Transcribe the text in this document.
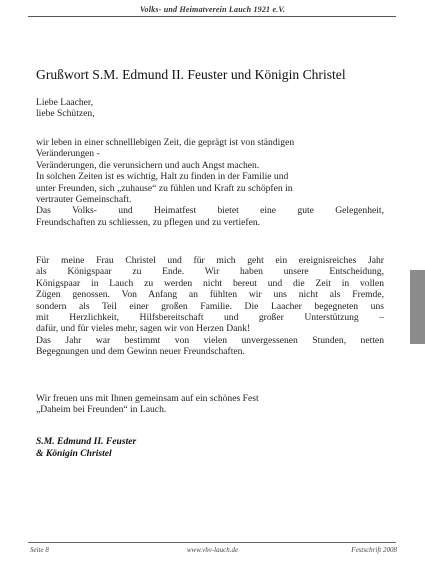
Volks- und Heimatverein Lauch 1921 e.V.
Grußwort S.M. Edmund II. Feuster und Königin Christel
Liebe Laacher,
liebe Schützen,
wir leben in einer schnelllebigen Zeit, die geprägt ist von ständigen
Veränderungen -
Veränderungen, die verunsichern und auch Angst machen.
In solchen Zeiten ist es wichtig, Halt zu finden in der Familie und
unter Freunden, sich „zuhause“ zu fühlen und Kraft zu schöpfen in
vertrauter Gemeinschaft.
Das Volks- und Heimatfest bietet eine gute Gelegenheit,
Freundschaften zu schliessen, zu pflegen und zu vertiefen.
Für meine Frau Christel und für mich geht ein ereignisreiches Jahr
als Königspaar zu Ende. Wir haben unsere Entscheidung,
Königspaar in Lauch zu werden nicht bereut und die Zeit in vollen
Zügen genossen. Von Anfang an fühlten wir uns nicht als Fremde,
sondern als Teil einer großen Familie. Die Laacher begegneten uns
mit Herzlichkeit, Hilfsbereitschaft und großer Unterstützung –
dafür, und für vieles mehr, sagen wir von Herzen Dank!
Das Jahr war bestimmt von vielen unvergessenen Stunden, netten
Begegnungen und dem Gewinn neuer Freundschaften.
Wir freuen uns mit Ihnen gemeinsam auf ein schönes Fest
„Daheim bei Freunden“ in Lauch.
S.M. Edmund II. Feuster
& Königin Christel
Seite 8	www.vhv-lauch.de	Festschrift 2008
